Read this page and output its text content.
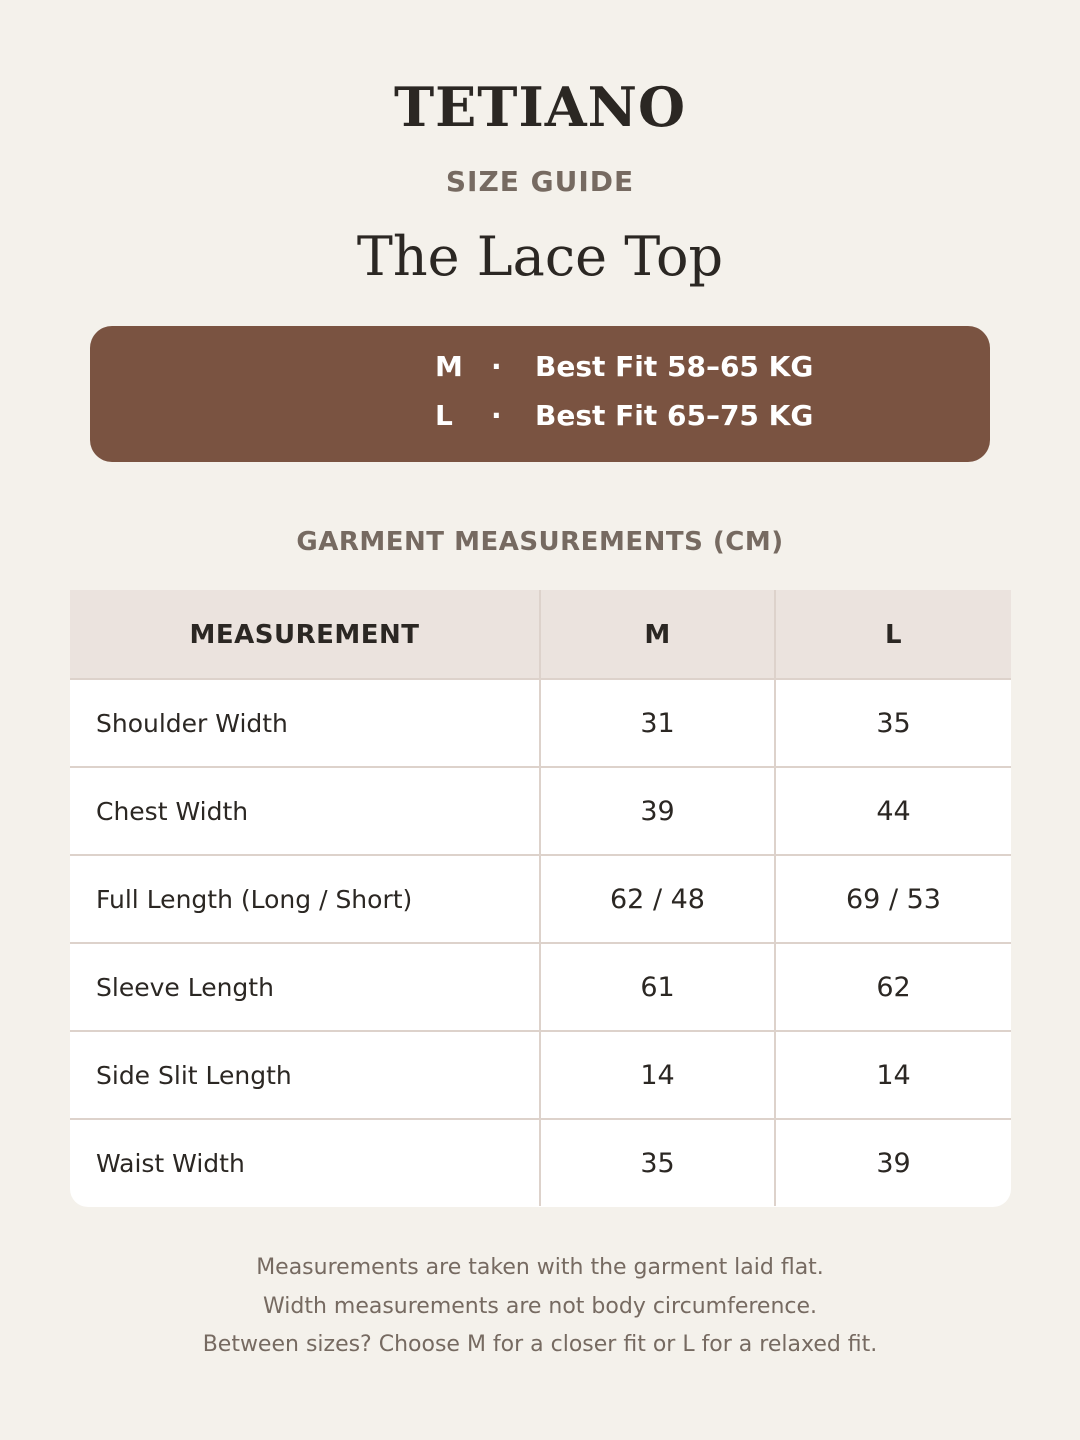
TETIANO
SIZE GUIDE
The Lace Top
M · Best Fit 58–65 KG
L · Best Fit 65–75 KG
GARMENT MEASUREMENTS (CM)
MEASUREMENT	M	L
Shoulder Width	31	35
Chest Width	39	44
Full Length (Long / Short)	62 / 48	69 / 53
Sleeve Length	61	62
Side Slit Length	14	14
Waist Width	35	39
Measurements are taken with the garment laid flat.
Width measurements are not body circumference.
Between sizes? Choose M for a closer fit or L for a relaxed fit.
